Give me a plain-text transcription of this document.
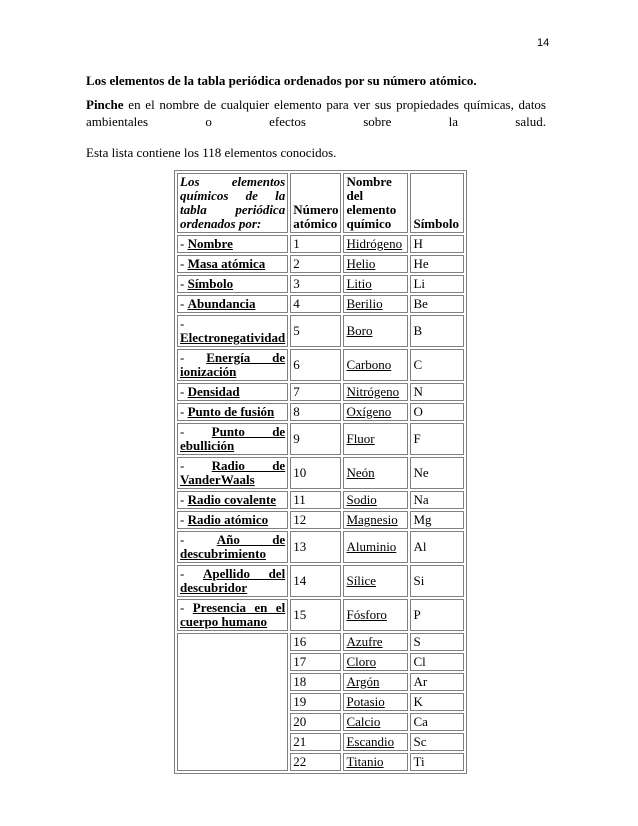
14
Los elementos de la tabla periódica ordenados por su número atómico.
Pinche en el nombre de cualquier elemento para ver sus propiedades químicas, datos ambientales o efectos sobre la salud.
Esta lista contiene los 118 elementos conocidos.
Los elementos químicos de la tabla periódica ordenados por:	Número atómico	Nombre del elemento químico	Símbolo
- Nombre	1	Hidrógeno	H
- Masa atómica	2	Helio	He
- Símbolo	3	Litio	Li
- Abundancia	4	Berilio	Be
- Electronegatividad	5	Boro	B
- Energía de ionización	6	Carbono	C
- Densidad	7	Nitrógeno	N
- Punto de fusión	8	Oxígeno	O
- Punto de ebullición	9	Fluor	F
- Radio de VanderWaals	10	Neón	Ne
- Radio covalente	11	Sodio	Na
- Radio atómico	12	Magnesio	Mg
- Año de descubrimiento	13	Aluminio	Al
- Apellido del descubridor	14	Sílice	Si
- Presencia en el cuerpo humano	15	Fósforo	P
	16	Azufre	S
	17	Cloro	Cl
	18	Argón	Ar
	19	Potasio	K
	20	Calcio	Ca
	21	Escandio	Sc
	22	Titanio	Ti
